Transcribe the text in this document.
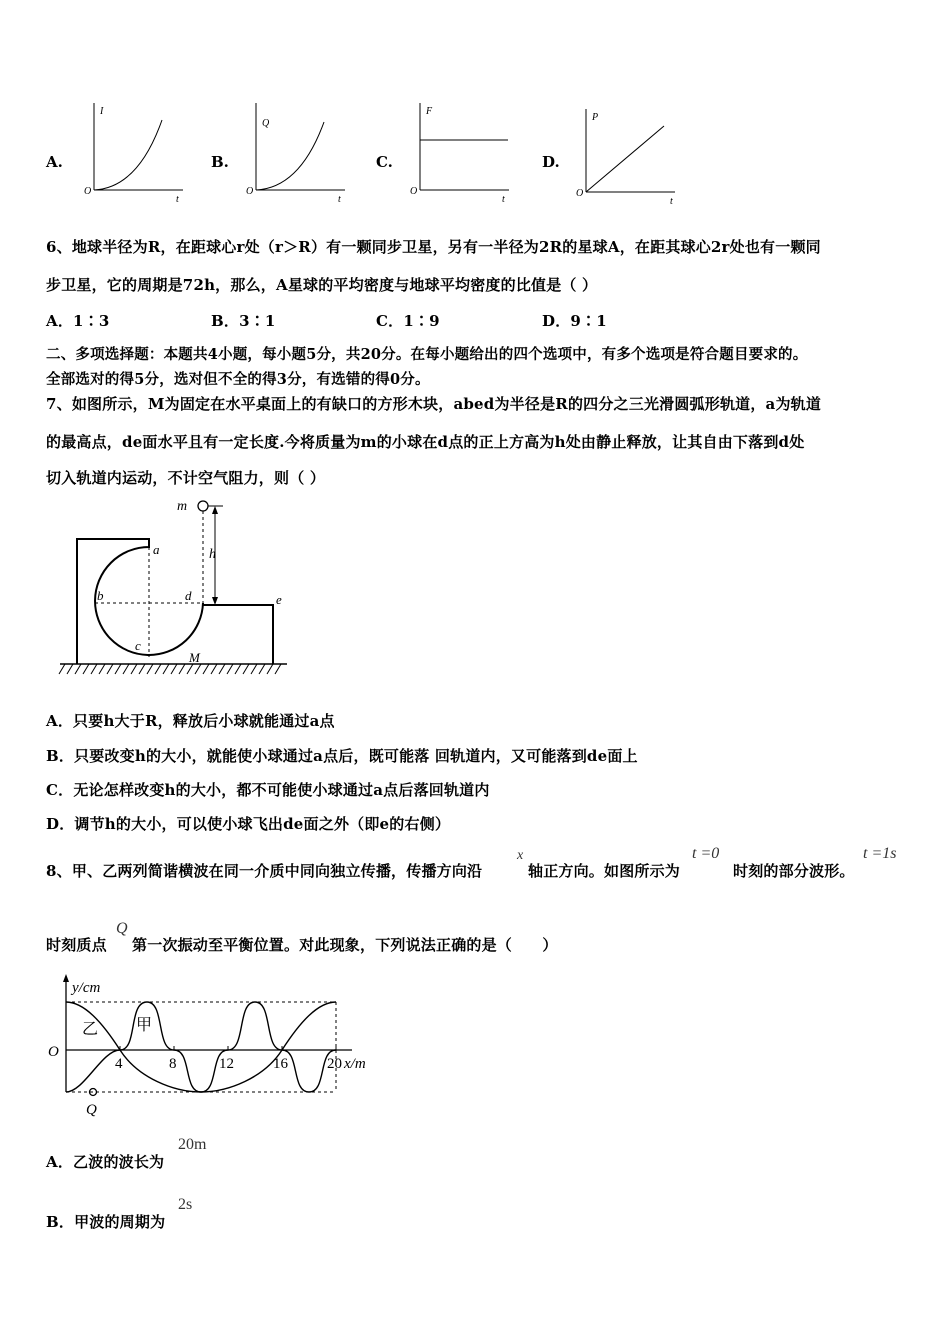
A.
I
t
O
B.
Q
t
O
C.
F
t
O
D.
P
t
O
6、地球半径为R，在距球心r处（r＞R）有一颗同步卫星，另有一半径为2R的星球A，在距其球心2r处也有一颗同
步卫星，它的周期是72h，那么，A星球的平均密度与地球平均密度的比值是（ ）
A．1∶3	B．3∶1	C．1∶9	D．9∶1
二、多项选择题：本题共4小题，每小题5分，共20分。在每小题给出的四个选项中，有多个选项是符合题目要求的。
全部选对的得5分，选对但不全的得3分，有选错的得0分。
7、如图所示，M为固定在水平桌面上的有缺口的方形木块，abed为半径是R的四分之三光滑圆弧形轨道，a为轨道
的最高点，de面水平且有一定长度.今将质量为m的小球在d点的正上方高为h处由静止释放，让其自由下落到d处
切入轨道内运动，不计空气阻力，则（ ）
m
h
a
b
c
d	e
M
A．只要h大于R，释放后小球就能通过a点
B．只要改变h的大小，就能使小球通过a点后，既可能落 回轨道内，又可能落到de面上
C．无论怎样改变h的大小，都不可能使小球通过a点后落回轨道内
D．调节h的大小，可以使小球飞出de面之外（即e的右侧）
8、甲、乙两列简谐横波在同一介质中同向独立传播，传播方向沿
x
轴正方向。如图所示为
t =0
时刻的部分波形。
t =1s
时刻质点
Q
第一次振动至平衡位置。对此现象，下列说法正确的是（　　）
y/cm
x/m
O
4	8	12	16	20
乙 甲
Q
A．乙波的波长为
20m
B．甲波的周期为
2s
